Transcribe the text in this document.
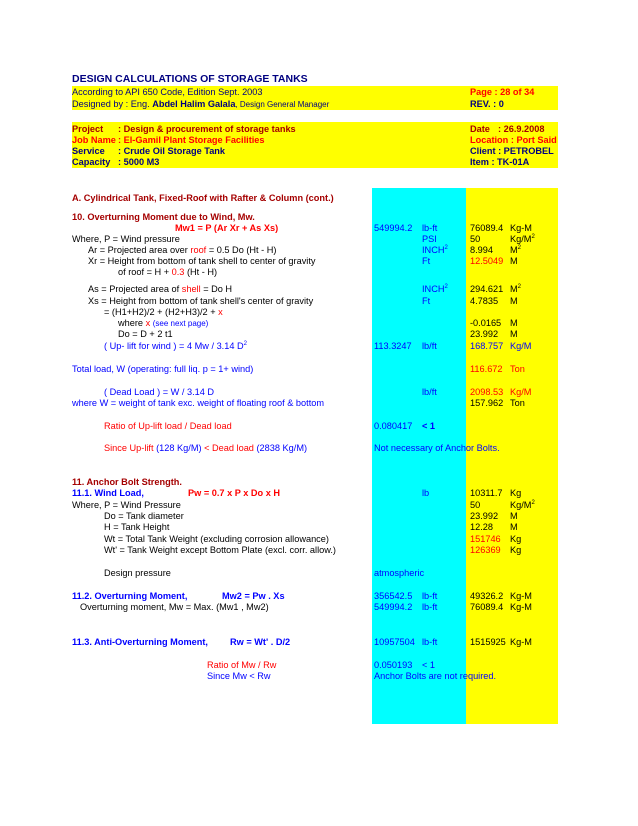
DESIGN CALCULATIONS OF STORAGE TANKS
According to API 650 Code, Edition Sept. 2003	Page : 28 of 34
Designed by : Eng. Abdel Halim Galala, Design General Manager	REV. : 0
Project : Design & procurement of storage tanks	Date : 26.9.2008
Job Name : El-Gamil Plant Storage Facilities	Location : Port Said
Service : Crude Oil Storage Tank	Client : PETROBEL
Capacity : 5000 M3	Item : TK-01A
A. Cylindrical Tank, Fixed-Roof with Rafter & Column (cont.)
10. Overturning Moment due to Wind, Mw.
Mw1 = P (Ar Xr + As Xs)	549994.2 lb-ft	76089.4 Kg-M
Where, P = Wind pressure	PSI	50	$Kg/M^2$
Ar = Projected area over roof = 0.5 Do (Ht - H)	INCH$^2$ 8.994 $M^2$
Xr = Height from bottom of tank shell to center of gravity	Ft	12.5049 M
of roof = H + 0.3 (Ht - H)
As = Projected area of shell = Do H	INCH$^2$ 294.621 $M^2$
Xs = Height from bottom of tank shell's center of gravity	Ft	4.7835 M
= (H1+H2)/2 + (H2+H3)/2 + x
where x (see next page)	-0.0165 M
Do = D + 2 t1	23.992 M
( Up- lift for wind ) = 4 Mw / 3.14 $D^2$	113.3247 lb/ft	168.757 Kg/M
Total load, W (operating: full liq. p = 1+ wind)	116.672 Ton
( Dead Load ) = W / 3.14 D	lb/ft	2098.53 Kg/M
where W = weight of tank exc. weight of floating roof & bottom	157.962 Ton
Ratio of Up-lift load / Dead load	0.080417 < 1
Since Up-lift (128 Kg/M) < Dead load (2838 Kg/M)	Not necessary of Anchor Bolts.
11. Anchor Bolt Strength.
11.1. Wind Load,	Pw = 0.7 x P x Do x H	lb	10311.7 Kg
Where, P = Wind Pressure	50	$Kg/M^2$
Do = Tank diameter	23.992 M
H = Tank Height	12.28 M
Wt = Total Tank Weight (excluding corrosion allowance)	151746 Kg
Wt' = Tank Weight except Bottom Plate (excl. corr. allow.)	126369 Kg
Design pressure	atmospheric
11.2. Overturning Moment,	Mw2 = Pw . Xs	356542.5 lb-ft	49326.2 Kg-M
Overturning moment, Mw = Max. (Mw1 , Mw2)	549994.2 lb-ft	76089.4 Kg-M
11.3. Anti-Overturning Moment, Rw = Wt' . D/2	10957504 lb-ft	1515925 Kg-M
Ratio of Mw / Rw	0.050193 < 1
Since Mw < Rw	Anchor Bolts are not required.
